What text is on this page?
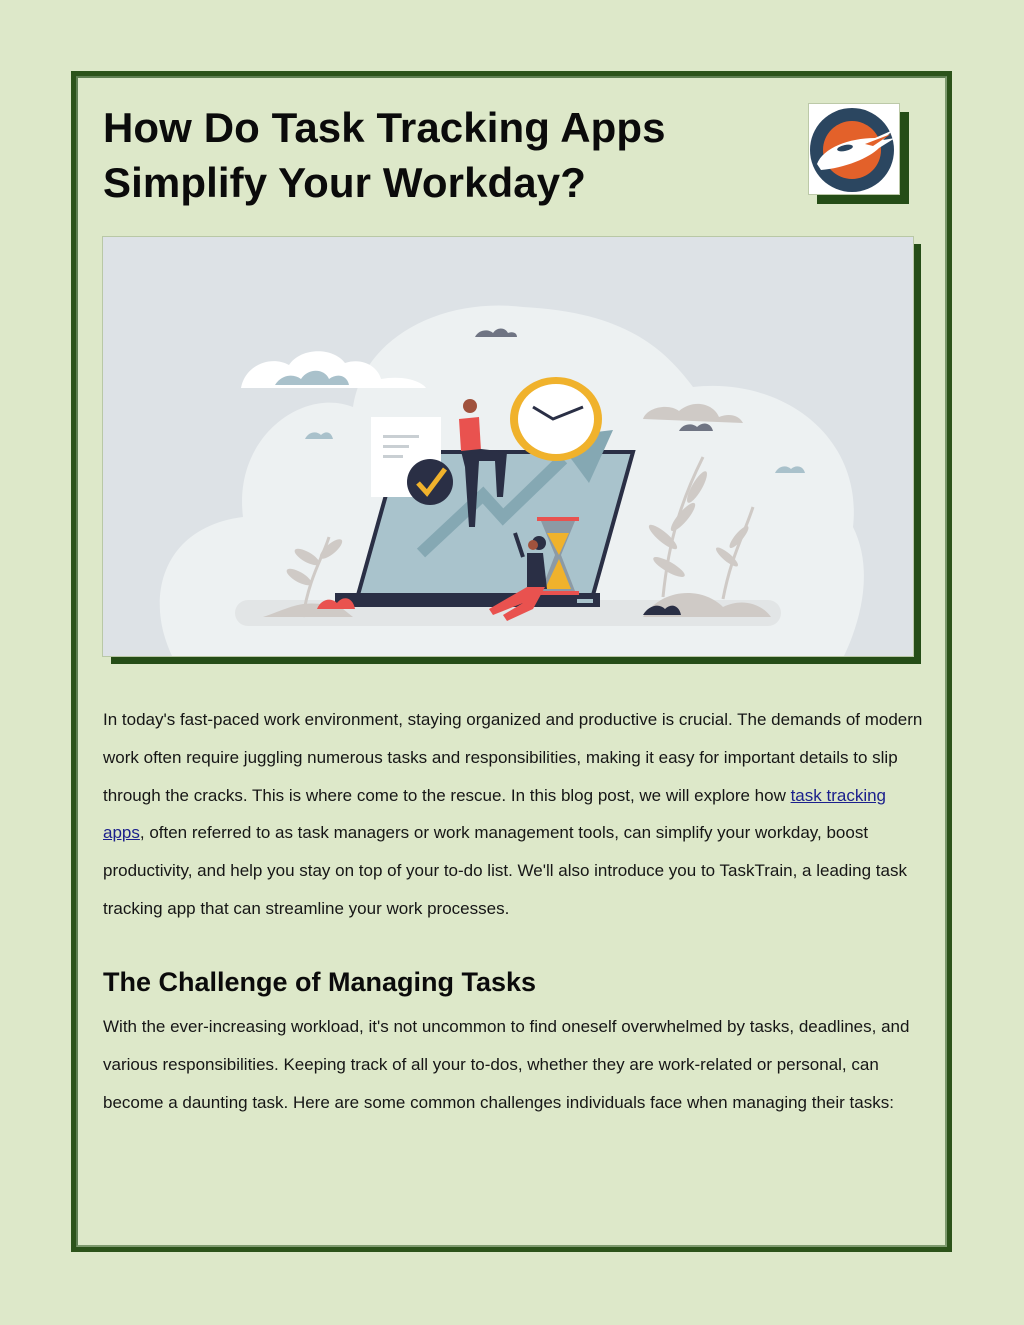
How Do Task Tracking Apps
Simplify Your Workday?

In today's fast-paced work environment, staying organized and productive is crucial. The demands of modern work often require juggling numerous tasks and responsibilities, making it easy for important details to slip through the cracks. This is where come to the rescue. In this blog post, we will explore how task tracking apps, often referred to as task managers or work management tools, can simplify your workday, boost productivity, and help you stay on top of your to-do list. We'll also introduce you to TaskTrain, a leading task tracking app that can streamline your work processes.

The Challenge of Managing Tasks

With the ever-increasing workload, it's not uncommon to find oneself overwhelmed by tasks, deadlines, and various responsibilities. Keeping track of all your to-dos, whether they are work-related or personal, can become a daunting task. Here are some common challenges individuals face when managing their tasks:
